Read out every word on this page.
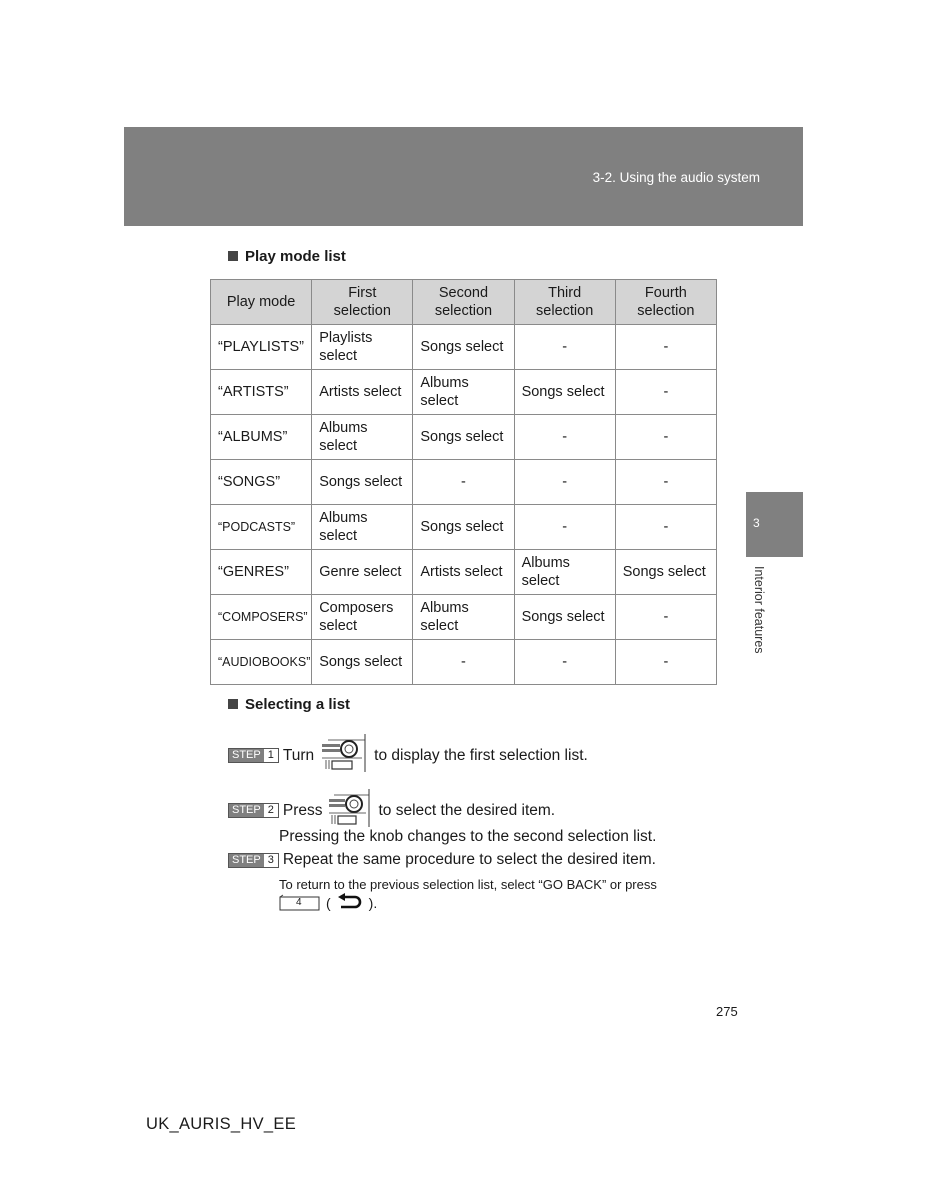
3-2. Using the audio system
3
Interior features
Play mode list
Play mode	First selection	Second selection	Third selection	Fourth selection
“PLAYLISTS”	Playlists select	Songs select	-	-
“ARTISTS”	Artists select	Albums select	Songs select	-
“ALBUMS”	Albums select	Songs select	-	-
“SONGS”	Songs select	-	-	-
“PODCASTS”	Albums select	Songs select	-	-
“GENRES”	Genre select	Artists select	Albums select	Songs select
“COMPOSERS”	Composers select	Albums select	Songs select	-
“AUDIOBOOKS”	Songs select	-	-	-
Selecting a list
STEP 1 Turn	to display the first selection list.
STEP 2 Press	to select the desired item.
Pressing the knob changes to the second selection list.
STEP 3 Repeat the same procedure to select the desired item.
To return to the previous selection list, select “GO BACK” or press
4 (	).
275
UK_AURIS_HV_EE
